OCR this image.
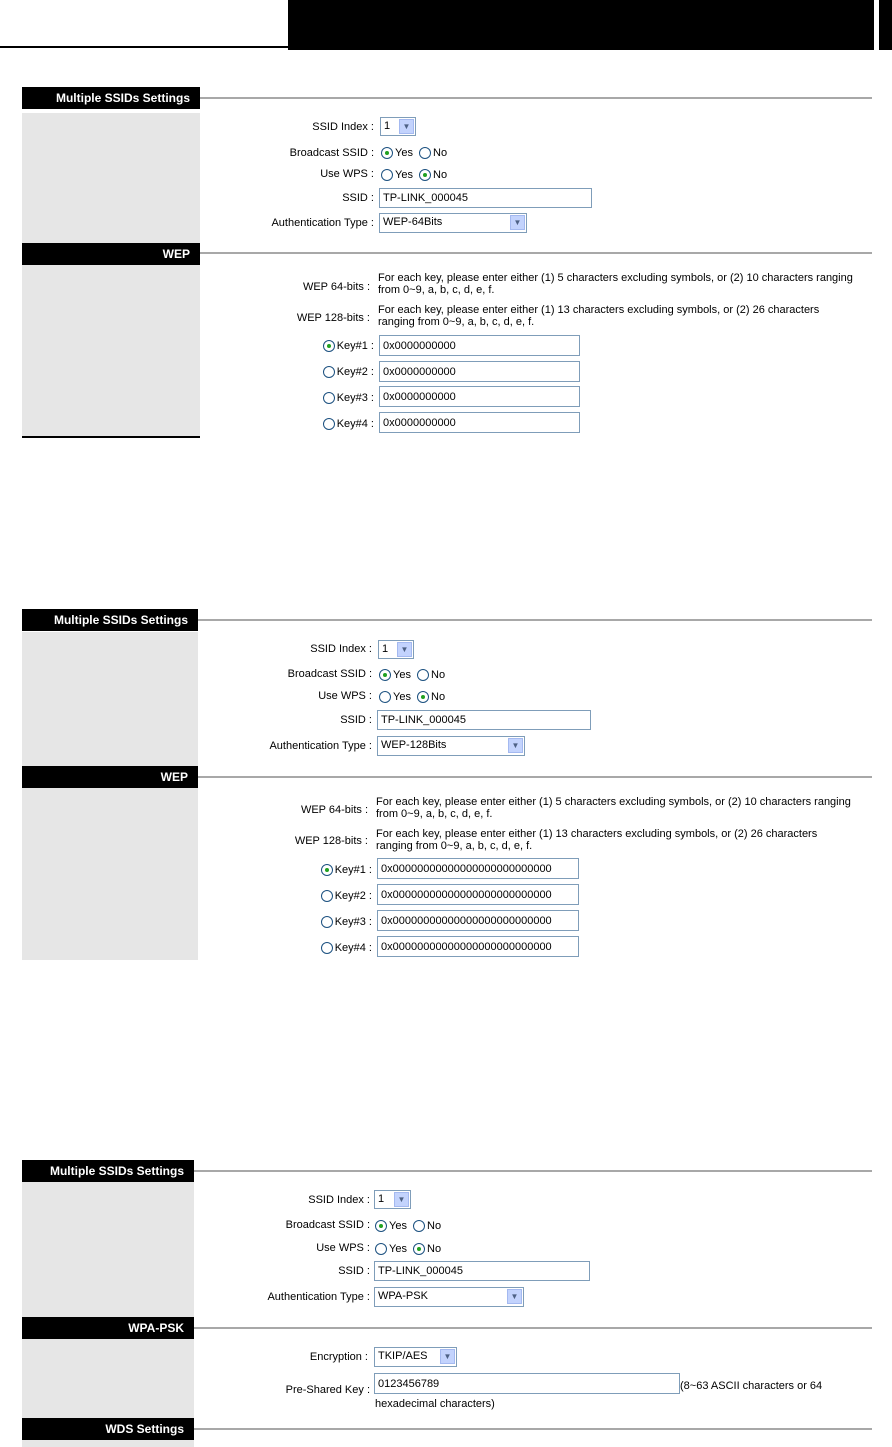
Multiple SSIDs Settings
SSID Index : 1	▼
Broadcast SSID :	Yes No
Use WPS :	Yes No
SSID :
TP-LINK_000045
Authentication Type : WEP-64Bits	▼
WEP
WEP 64-bits :
For each key, please enter either (1) 5 characters excluding symbols, or (2) 10 characters ranging from 0~9, a, b, c, d, e, f.
WEP 128-bits :
For each key, please enter either (1) 13 characters excluding symbols, or (2) 26 characters ranging from 0~9, a, b, c, d, e, f.
Key#1 :
0x0000000000
Key#2 :
0x0000000000
Key#3 :
0x0000000000
Key#4 :
0x0000000000
Multiple SSIDs Settings
SSID Index : 1	▼
Broadcast SSID :	Yes No
Use WPS :	Yes No
SSID :
TP-LINK_000045
Authentication Type : WEP-128Bits	▼
WEP
WEP 64-bits :
For each key, please enter either (1) 5 characters excluding symbols, or (2) 10 characters ranging from 0~9, a, b, c, d, e, f.
WEP 128-bits :
For each key, please enter either (1) 13 characters excluding symbols, or (2) 26 characters ranging from 0~9, a, b, c, d, e, f.
Key#1 :
0x00000000000000000000000000
Key#2 :
0x00000000000000000000000000
Key#3 :
0x00000000000000000000000000
Key#4 :
0x00000000000000000000000000
Multiple SSIDs Settings
SSID Index : 1	▼
Broadcast SSID :	Yes No
Use WPS :	Yes No
SSID :
TP-LINK_000045
Authentication Type : WPA-PSK	▼
WPA-PSK
Encryption : TKIP/AES	▼
Pre-Shared Key :
0123456789	(8~63 ASCII characters or 64
hexadecimal characters)
WDS Settings
